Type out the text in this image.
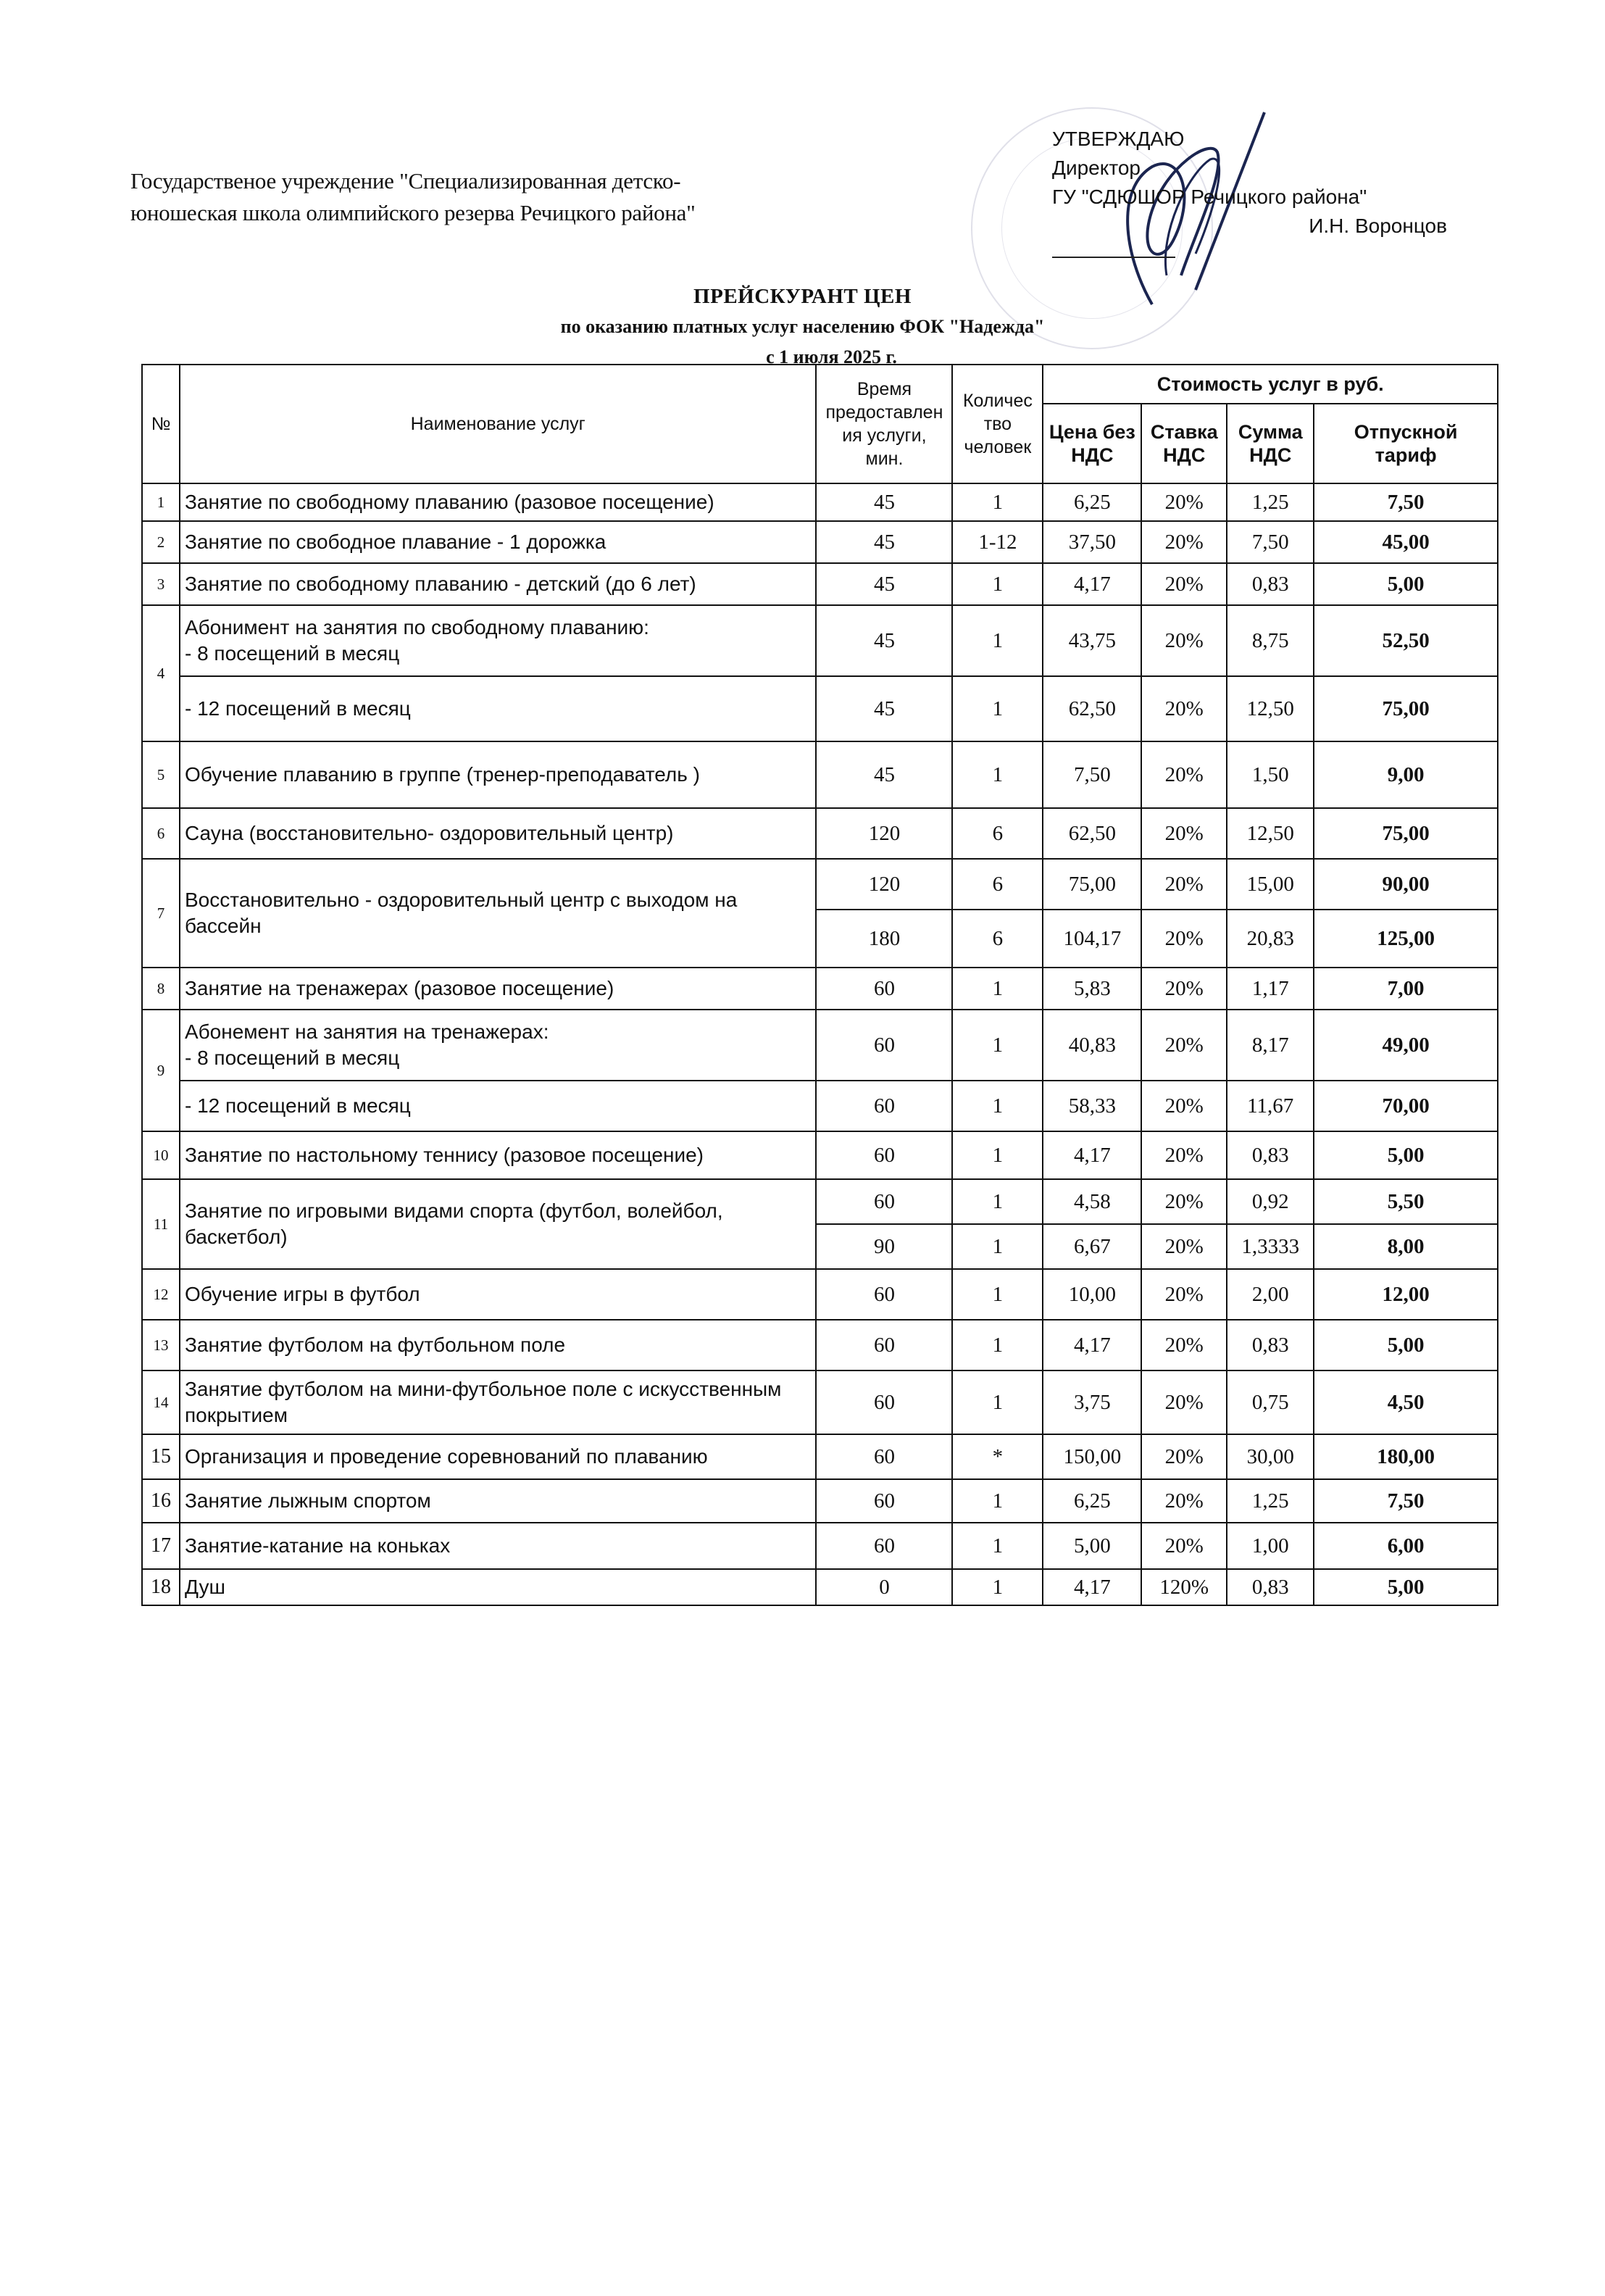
Государственое учреждение "Специализированная детско-
юношеская школа олимпийского резерва Речицкого района"
УТВЕРЖДАЮ
Директор
ГУ "СДЮШОР Речицкого района"
И.Н. Воронцов
ПРЕЙСКУРАНТ ЦЕН
по оказанию платных услуг населению ФОК "Надежда"
с 1 июля 2025 г.
№	Наименование услуг	
Время
предоставлен
ия услуги,
мин.

Количес
тво
человек
	Стоимость услуг в руб.

Цена без
НДС

Ставка
НДС

Сумма
НДС

Отпускной
тариф

1	Занятие по свободному плаванию (разовое посещение)	45	1	6,25	20%	1,25	7,50
2	Занятие по свободное плавание - 1 дорожка	45	1-12	37,50	20%	7,50	45,00
3	Занятие по свободному плаванию - детский (до 6 лет)	45	1	4,17	20%	0,83	5,00
4	Абонимент на занятия по свободному плаванию:
- 8 посещений в месяц	45	1	43,75	20%	8,75	52,50
	- 12 посещений в месяц	45	1	62,50	20%	12,50	75,00
5	Обучение плаванию в группе (тренер-преподаватель )	45	1	7,50	20%	1,50	9,00
6	Сауна (восстановительно- оздоровительный центр)	120	6	62,50	20%	12,50	75,00
7	Восстановительно - оздоровительный центр с выходом на бассейн	120	6	75,00	20%	15,00	90,00
		180	6	104,17	20%	20,83	125,00
8	Занятие на тренажерах (разовое посещение)	60	1	5,83	20%	1,17	7,00
9	Абонемент на занятия на тренажерах:
- 8 посещений в месяц	60	1	40,83	20%	8,17	49,00
	- 12 посещений в месяц	60	1	58,33	20%	11,67	70,00
10	Занятие по настольному теннису (разовое посещение)	60	1	4,17	20%	0,83	5,00
11	Занятие по игровыми видами спорта (футбол, волейбол, баскетбол)	60	1	4,58	20%	0,92	5,50
		90	1	6,67	20%	1,3333	8,00
12	Обучение игры в футбол	60	1	10,00	20%	2,00	12,00
13	Занятие футболом на футбольном поле	60	1	4,17	20%	0,83	5,00
14	Занятие футболом на мини-футбольное поле с искусственным покрытием	60	1	3,75	20%	0,75	4,50
15	Организация и проведение соревнований по плаванию	60	*	150,00	20%	30,00	180,00
16	Занятие лыжным спортом	60	1	6,25	20%	1,25	7,50
17	Занятие-катание на коньках	60	1	5,00	20%	1,00	6,00
18	Душ	0	1	4,17	120%	0,83	5,00
